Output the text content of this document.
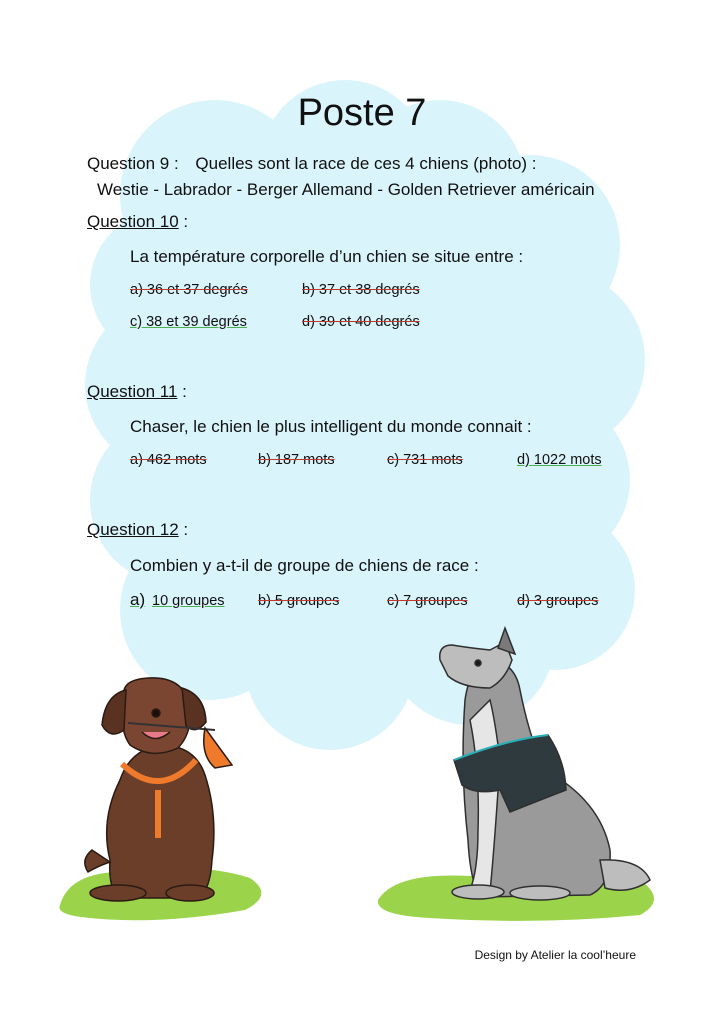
Poste 7
Question 9 : Quelles sont la race de ces 4 chiens (photo) :
Westie - Labrador - Berger Allemand - Golden Retriever américain
Question 10 :
La température corporelle d’un chien se situe entre :
a) 36 et 37 degrés	b) 37 et 38 degrés
c) 38 et 39 degrés	d) 39 et 40 degrés
Question 11 :
Chaser, le chien le plus intelligent du monde connait :
a) 462 mots	b) 187 mots	c) 731 mots	d) 1022 mots
Question 12 :
Combien y a-t-il de groupe de chiens de race :
a) 10 groupes b) 5 groupes	c) 7 groupes	d) 3 groupes
Design by Atelier la cool’heure
